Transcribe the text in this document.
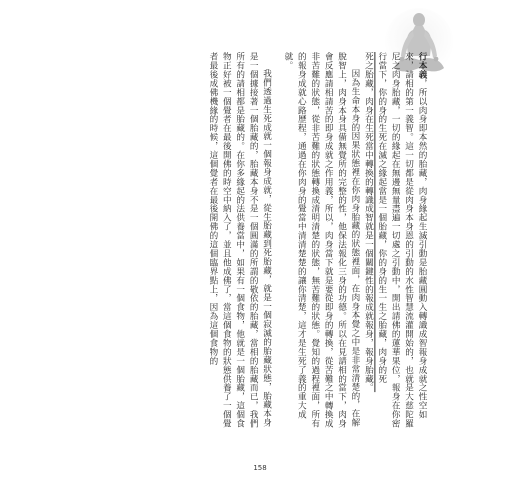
行本義，所以肉身即本然的胎藏，肉身緣起生滅引動是胎藏圓動入轉識成智報身成就之性空如來，請相的第一義智。這一切都是從肉身本身恩的引動的水性智慧流灌開始的，也就是大慈陀羅尼之肉身胎藏，一切的緣起在無邊無量盡遍一切處之引動中，開出請佛的蓮華果位，報身在你密行當下，你的身的生死在滅之緣起當是一個胎藏，你的身的生一生之胎藏，肉身的死

死之胎藏，肉身在生死當中轉換的轉識成智就是一個關鍵性的報成就報身，報身胎藏。

因為生命本身的因果狀態裡在你肉身胎藏的狀態裡面，在肉身本覺之中是非常清楚的，在解脫智上，肉身本身具備無覺所的完整的性，他保法報化三身的功德。所以在見請相的當下，肉身會反應請相請苦的即身成就之作用義，所以，肉身當下就是要從即身的轉換，從苦難之中轉換成非苦難的狀態，從非苦難的狀態轉換成清明清楚的狀態，無苦難的狀態。覺知的過程裡面，所有的報身成就心路歷程，通過在你肉身的覺當中清清楚楚的讓你清楚，這才是生死了義的重大成就。

我們透過生死成就一個報身成就，從生胎藏到死胎藏，就是一個寂滅的胎藏狀態，胎藏本身是一個據接著一個胎藏的，胎藏本身不是一個圓滿的所謂的敬依的胎藏，當相的胎藏而已，我們所有的請相都是胎藏的。在你多緣起的法供養當中，如果有一個食物，他就是一個胎藏，這個食物正好被一個覺者在最後開佛的時空中納入了，並且他成佛了，當這個食物的狀態供養了一個覺者最後成佛機緣的時候，這個覺者在最後開佛的這個臨界點上，因為這個食物的

158
